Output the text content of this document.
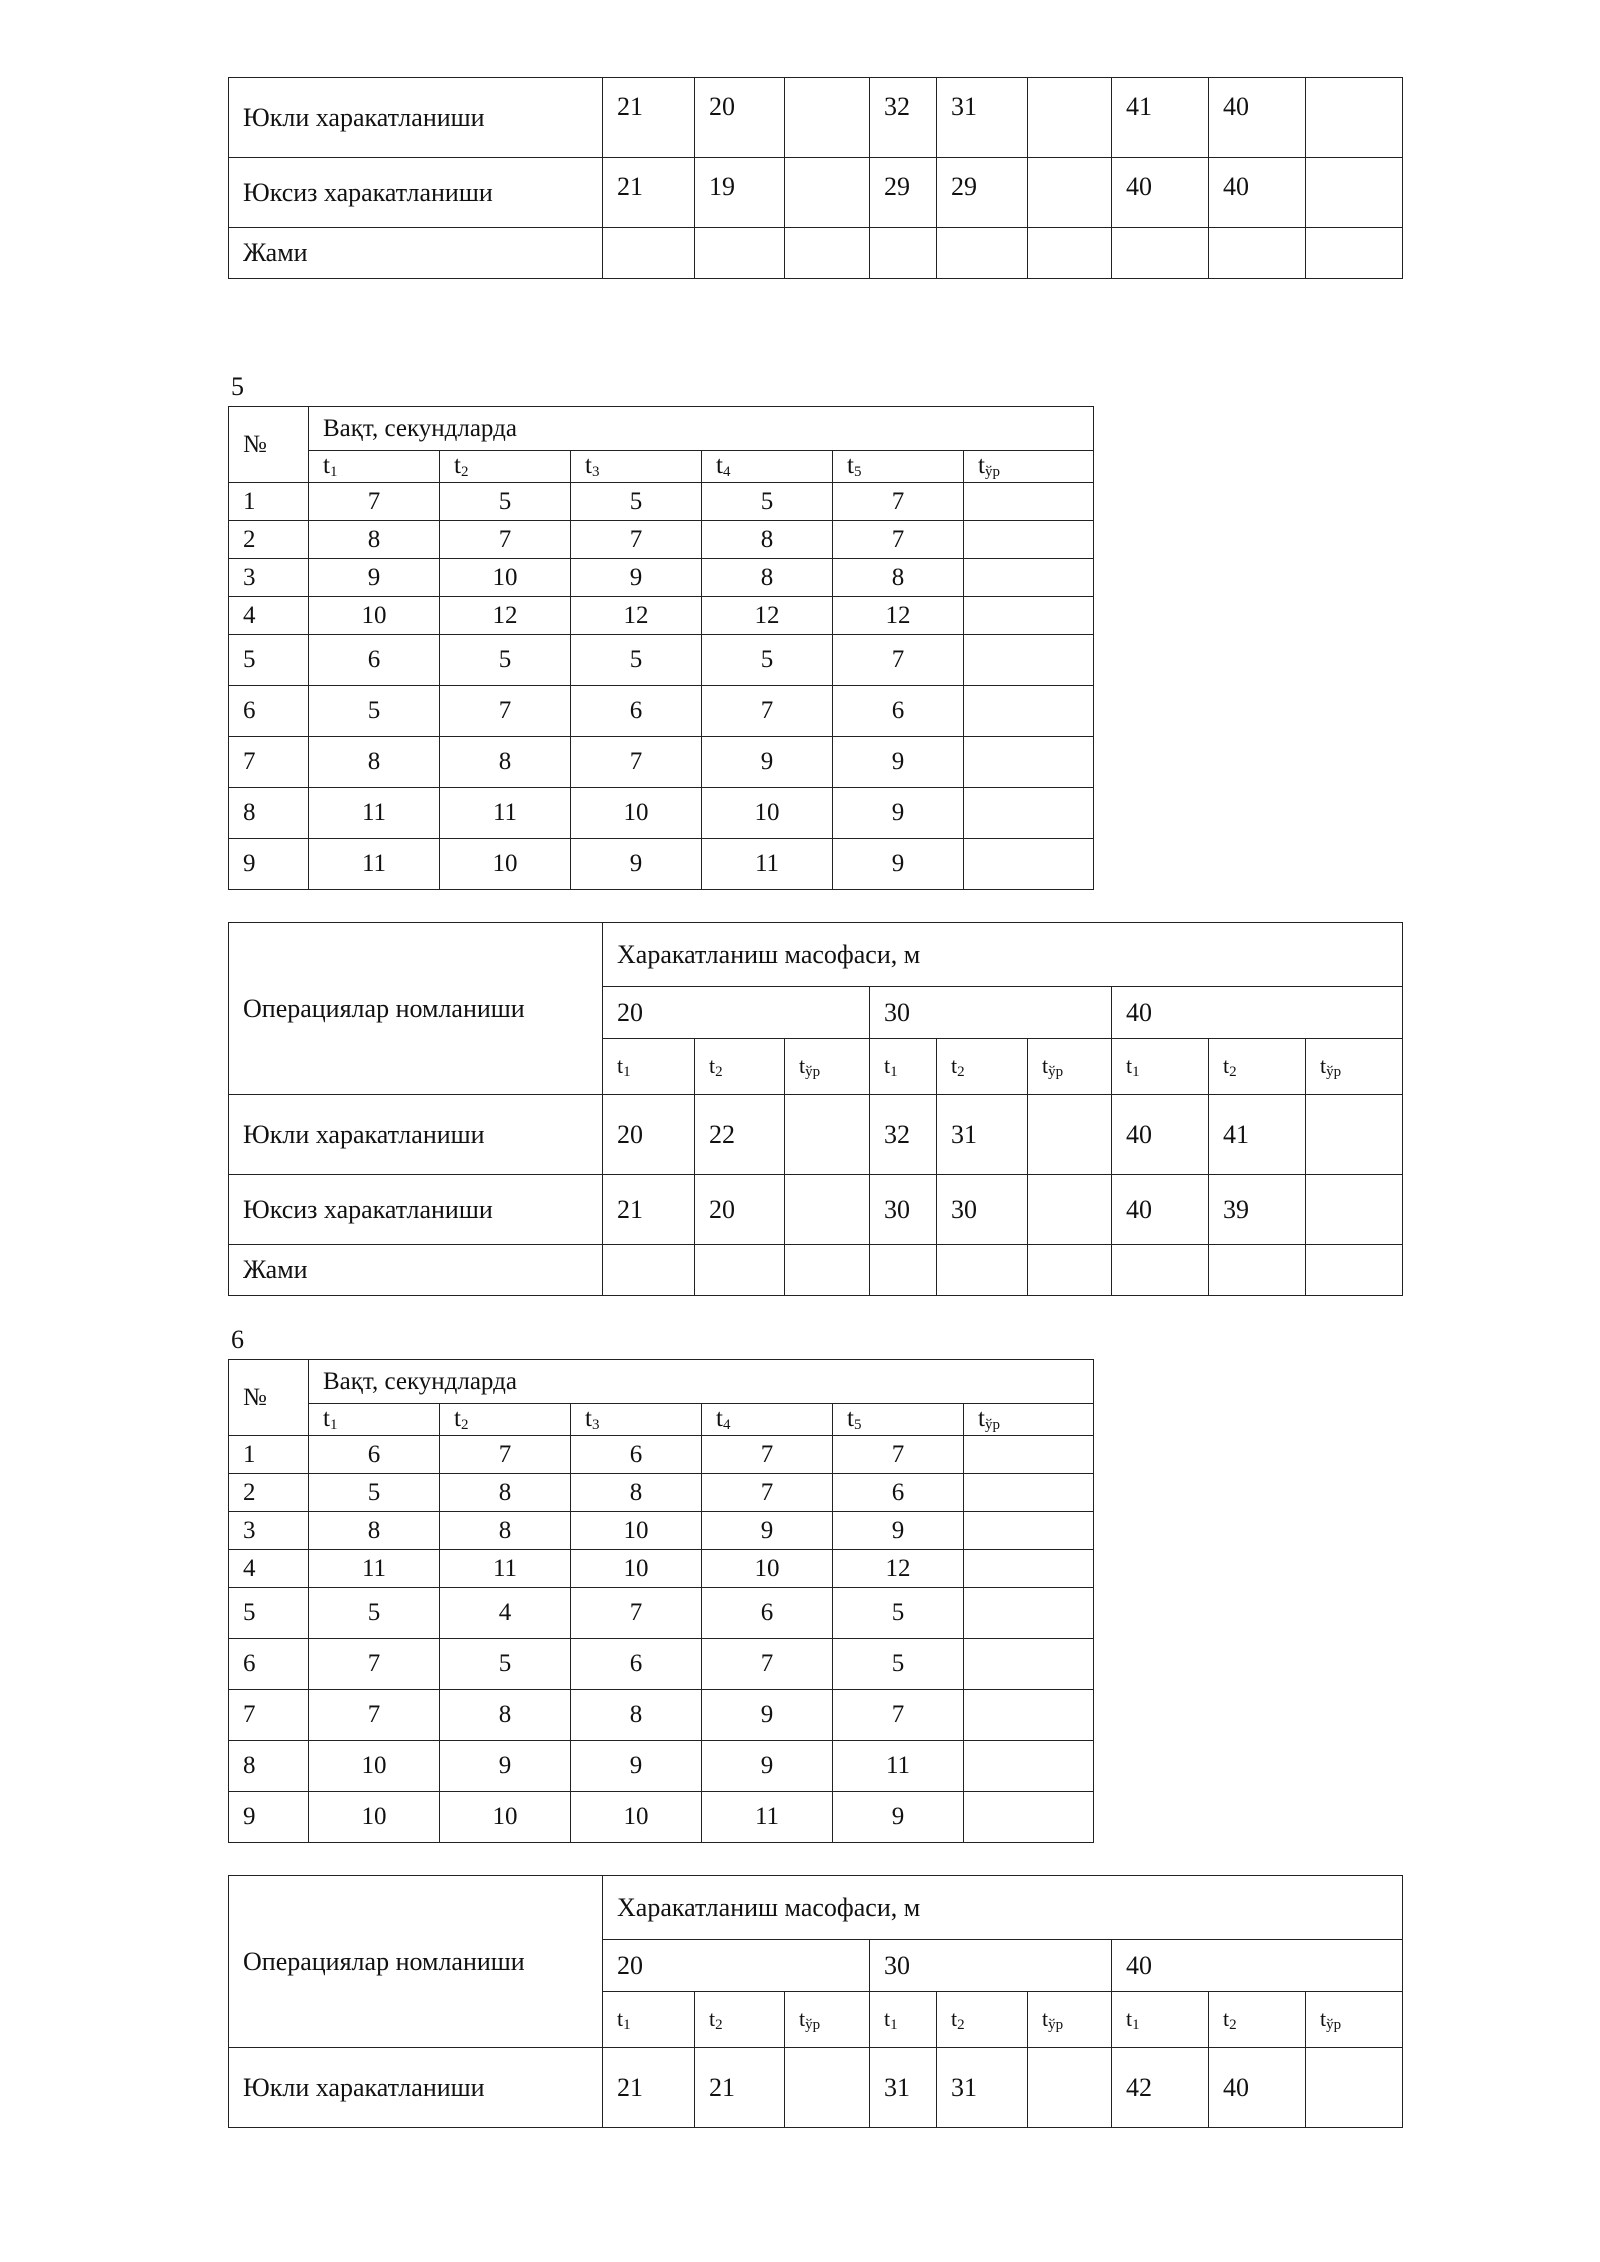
Юкли харакатланиши	21	20		32	31		41	40	
Юксиз харакатланиши	21	19		29	29		40	40	
Жами									
5
№	Вақт, секундларда					
	$t_1$	$t_2$	$t_3$	$t_4$	$t_5$	$t_{ўр}$
1	7	5	5	5	7	
2	8	7	7	8	7	
3	9	10	9	8	8	
4	10	12	12	12	12	
5	6	5	5	5	7	
6	5	7	6	7	6	
7	8	8	7	9	9	
8	11	11	10	10	9	
9	11	10	9	11	9	
Операциялар номланиши	Харакатланиш масофаси, м								
	20			30			40		
	$t_1$	$t_2$	$t_{ўр}$	$t_1$	$t_2$	$t_{ўр}$	$t_1$	$t_2$	$t_{ўр}$
Юкли харакатланиши	20	22		32	31		40	41	
Юксиз харакатланиши	21	20		30	30		40	39	
Жами									
6
№	Вақт, секундларда					
	$t_1$	$t_2$	$t_3$	$t_4$	$t_5$	$t_{ўр}$
1	6	7	6	7	7	
2	5	8	8	7	6	
3	8	8	10	9	9	
4	11	11	10	10	12	
5	5	4	7	6	5	
6	7	5	6	7	5	
7	7	8	8	9	7	
8	10	9	9	9	11	
9	10	10	10	11	9	
Операциялар номланиши	Харакатланиш масофаси, м								
	20			30			40		
	$t_1$	$t_2$	$t_{ўр}$	$t_1$	$t_2$	$t_{ўр}$	$t_1$	$t_2$	$t_{ўр}$
Юкли харакатланиши	21	21		31	31		42	40	
